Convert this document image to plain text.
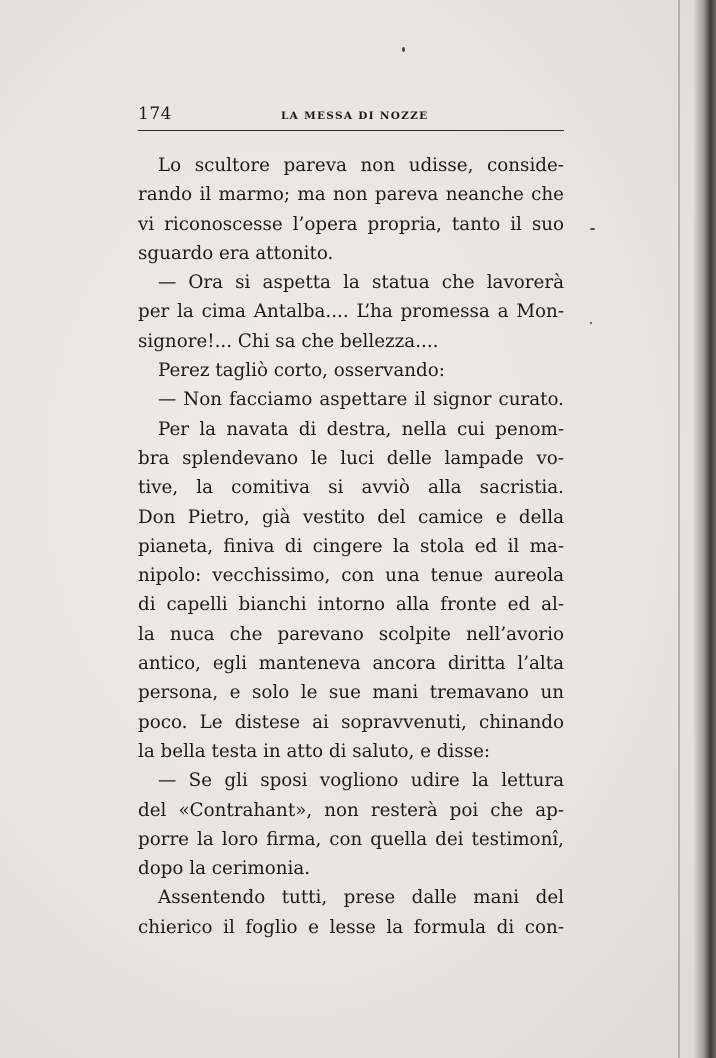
174	LA MESSA DI NOZZE
Lo scultore pareva non udisse, conside-
rando il marmo; ma non pareva neanche che
vi riconoscesse l’opera propria, tanto il suo
sguardo era attonito.
— Ora si aspetta la statua che lavorerà
per la cima Antalba.... L’ha promessa a Mon-
signore!... Chi sa che bellezza....
Perez tagliò corto, osservando:
— Non facciamo aspettare il signor curato.
Per la navata di destra, nella cui penom-
bra splendevano le luci delle lampade vo-
tive, la comitiva si avviò alla sacristia.
Don Pietro, già vestito del camice e della
pianeta, finiva di cingere la stola ed il ma-
nipolo: vecchissimo, con una tenue aureola
di capelli bianchi intorno alla fronte ed al-
la nuca che parevano scolpite nell’avorio
antico, egli manteneva ancora diritta l’alta
persona, e solo le sue mani tremavano un
poco. Le distese ai sopravvenuti, chinando
la bella testa in atto di saluto, e disse:
— Se gli sposi vogliono udire la lettura
del «Contrahant», non resterà poi che ap-
porre la loro firma, con quella dei testimonî,
dopo la cerimonia.
Assentendo tutti, prese dalle mani del
chierico il foglio e lesse la formula di con-
